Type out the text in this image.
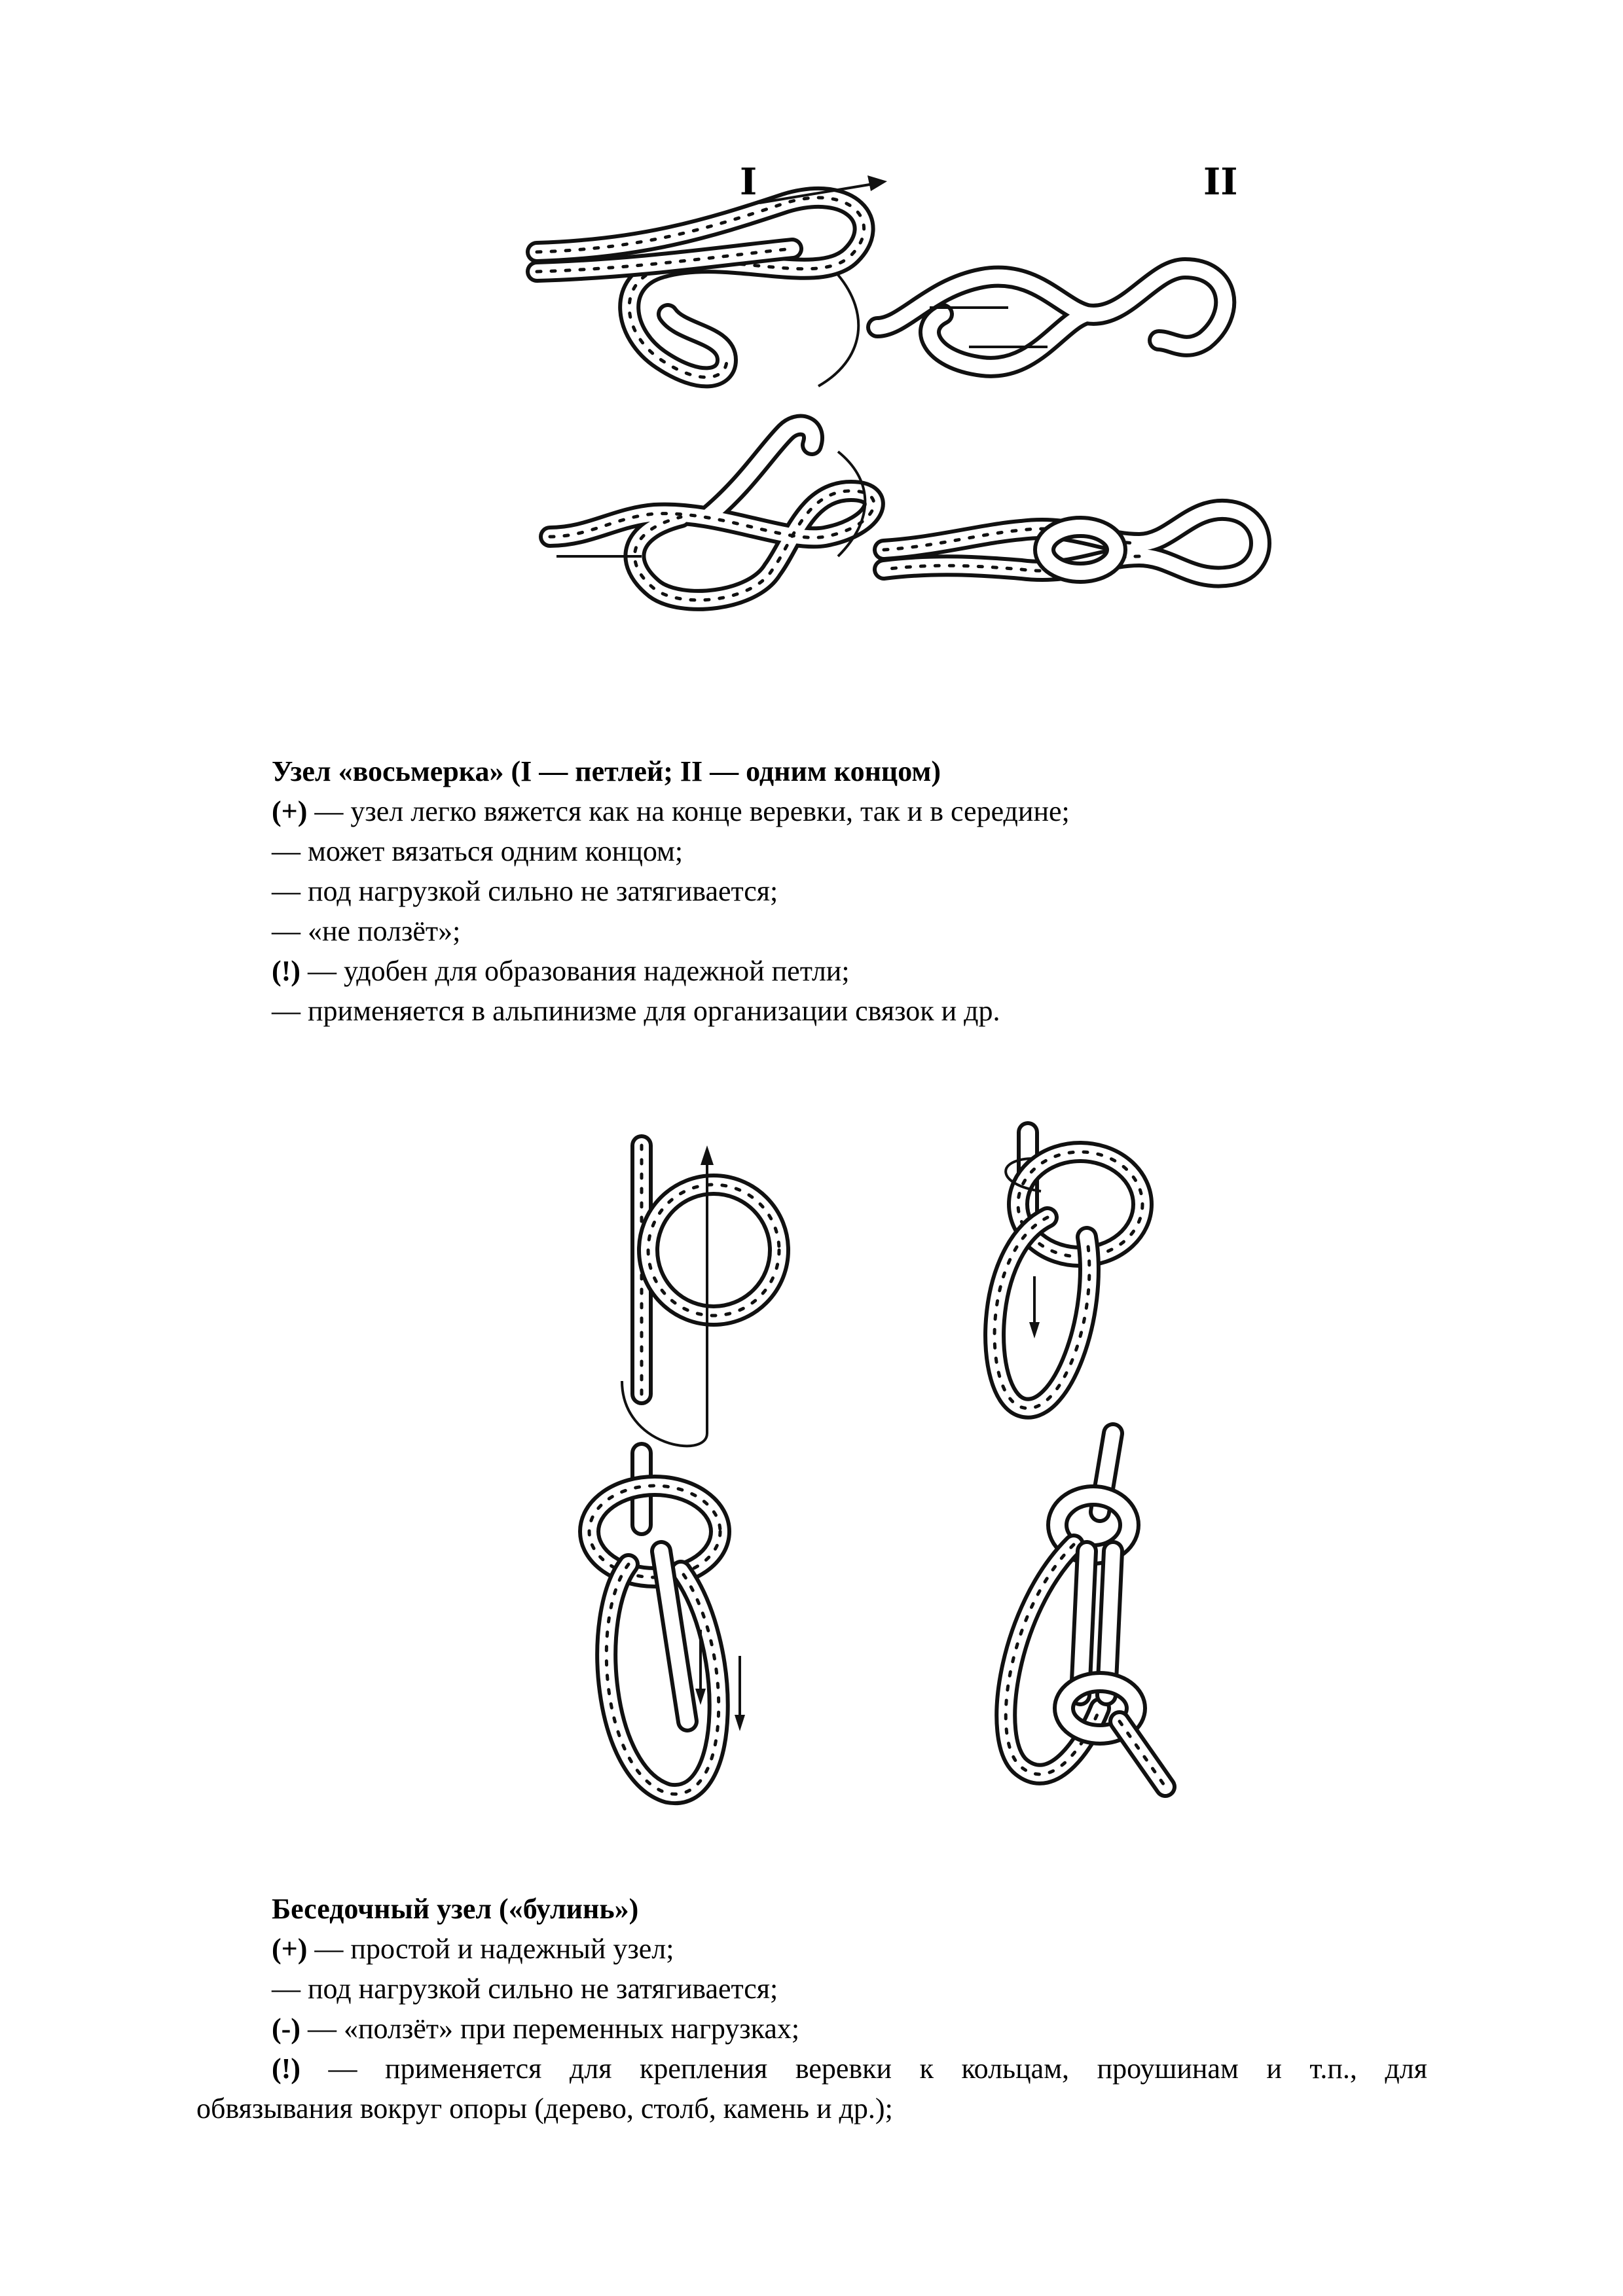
I	II

Узел «восьмерка» (I — петлей; II — одним концом)

(+) — узел легко вяжется как на конце веревки, так и в середине;

— может вязаться одним концом;

— под нагрузкой сильно не затягивается;

— «не ползёт»;

(!) — удобен для образования надежной петли;

— применяется в альпинизме для организации связок и др.

Беседочный узел («булинь»)

(+) — простой и надежный узел;

— под нагрузкой сильно не затягивается;

(-) — «ползёт» при переменных нагрузках;

(!) — применяется для крепления веревки к кольцам, проушинам и т.п., для

обвязывания вокруг опоры (дерево, столб, камень и др.);
